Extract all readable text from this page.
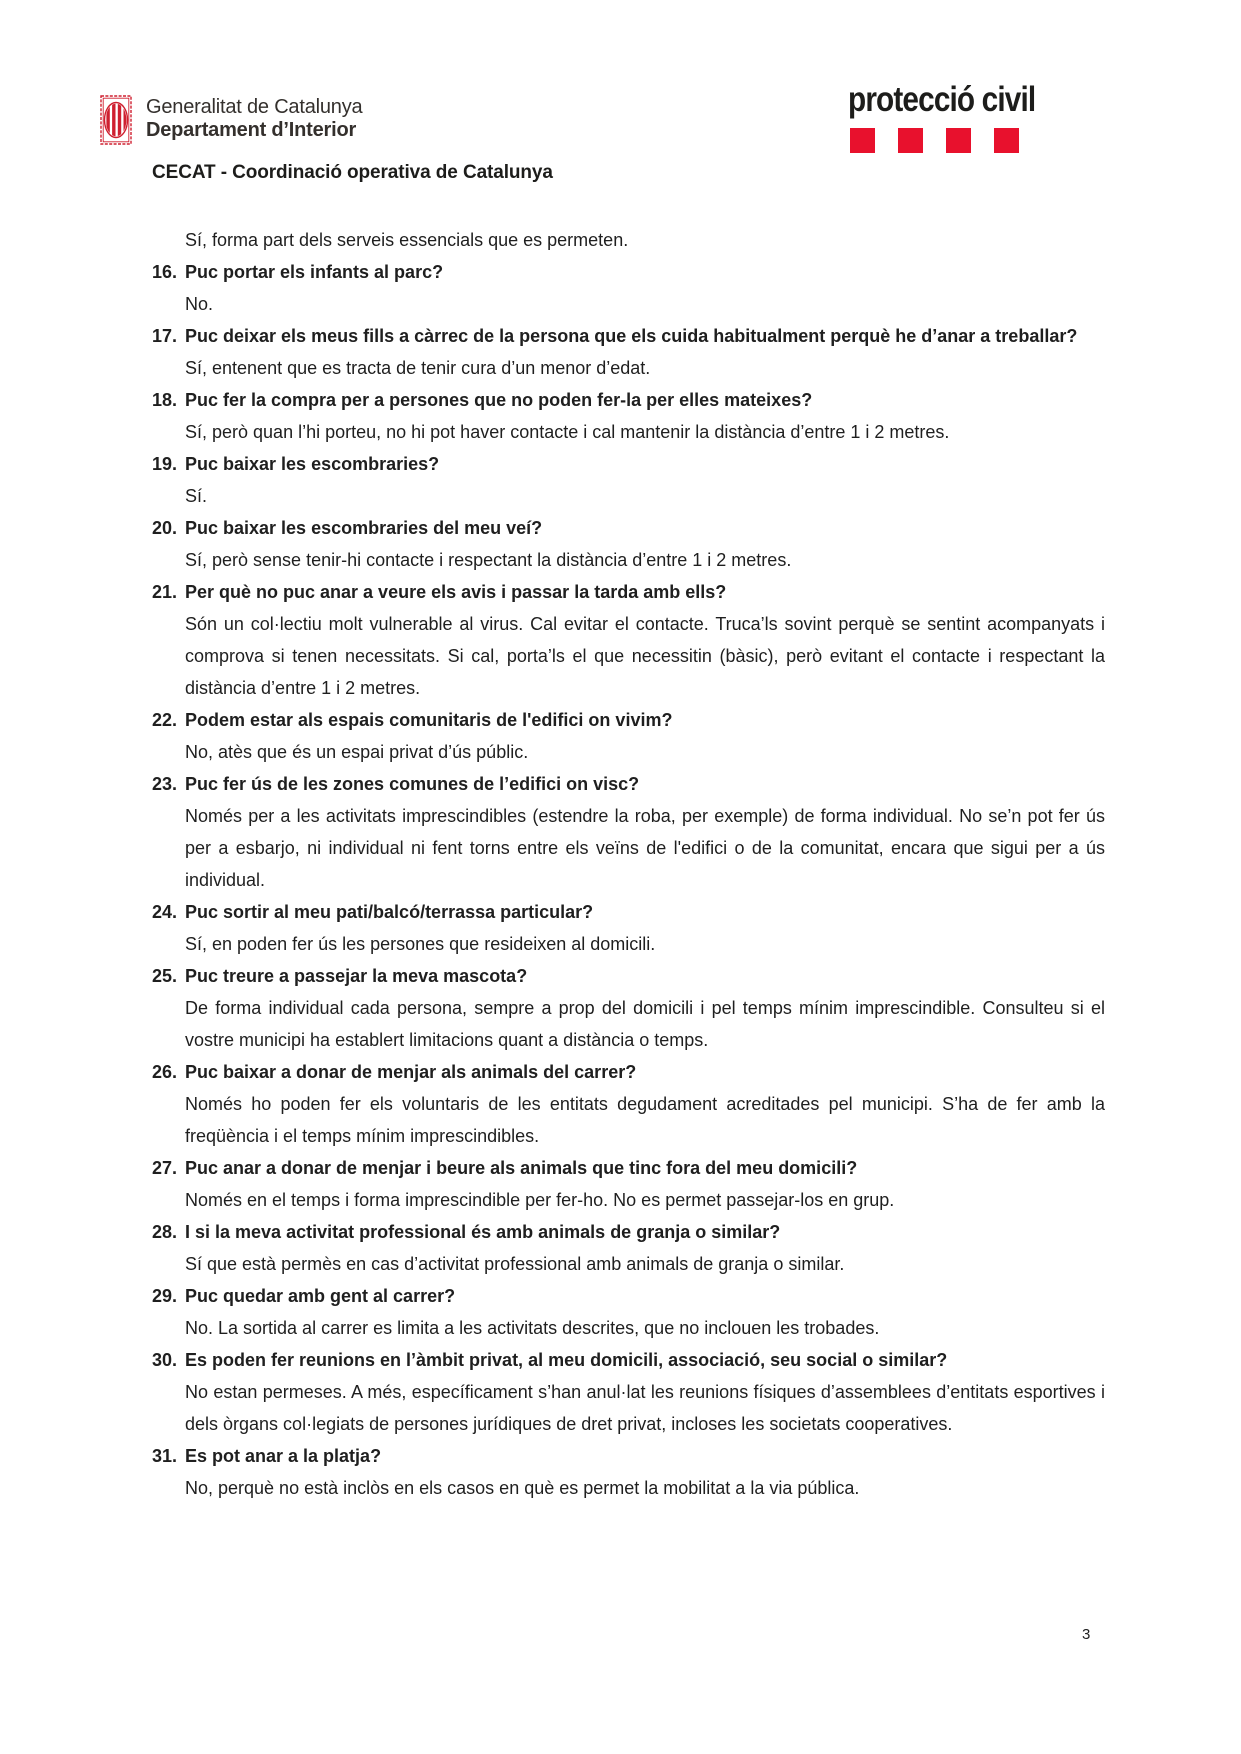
Generalitat de Catalunya
Departament d’Interior
CECAT - Coordinació operativa de Catalunya
protecció civil
Sí, forma part dels serveis essencials que es permeten.
16. Puc portar els infants al parc?
No.
17. Puc deixar els meus fills a càrrec de la persona que els cuida habitualment perquè he d’anar a treballar?
Sí, entenent que es tracta de tenir cura d’un menor d’edat.
18. Puc fer la compra per a persones que no poden fer-la per elles mateixes?
Sí, però quan l’hi porteu, no hi pot haver contacte i cal mantenir la distància d’entre 1 i 2 metres.
19. Puc baixar les escombraries?
Sí.
20. Puc baixar les escombraries del meu veí?
Sí, però sense tenir-hi contacte i respectant la distància d’entre 1 i 2 metres.
21. Per què no puc anar a veure els avis i passar la tarda amb ells?
Són un col·lectiu molt vulnerable al virus. Cal evitar el contacte. Truca’ls sovint perquè se sentint acompanyats i comprova si tenen necessitats. Si cal, porta’ls el que necessitin (bàsic), però evitant el contacte i respectant la distància d’entre 1 i 2 metres.
22. Podem estar als espais comunitaris de l'edifici on vivim?
No, atès que és un espai privat d’ús públic.
23. Puc fer ús de les zones comunes de l’edifici on visc?
Només per a les activitats imprescindibles (estendre la roba, per exemple) de forma individual. No se’n pot fer ús per a esbarjo, ni individual ni fent torns entre els veïns de l'edifici o de la comunitat, encara que sigui per a ús individual.
24. Puc sortir al meu pati/balcó/terrassa particular?
Sí, en poden fer ús les persones que resideixen al domicili.
25. Puc treure a passejar la meva mascota?
De forma individual cada persona, sempre a prop del domicili i pel temps mínim imprescindible. Consulteu si el vostre municipi ha establert limitacions quant a distància o temps.
26. Puc baixar a donar de menjar als animals del carrer?
Només ho poden fer els voluntaris de les entitats degudament acreditades pel municipi. S’ha de fer amb la freqüència i el temps mínim imprescindibles.
27. Puc anar a donar de menjar i beure als animals que tinc fora del meu domicili?
Només en el temps i forma imprescindible per fer-ho. No es permet passejar-los en grup.
28. I si la meva activitat professional és amb animals de granja o similar?
Sí que està permès en cas d’activitat professional amb animals de granja o similar.
29. Puc quedar amb gent al carrer?
No. La sortida al carrer es limita a les activitats descrites, que no inclouen les trobades.
30. Es poden fer reunions en l’àmbit privat, al meu domicili, associació, seu social o similar?
No estan permeses. A més, específicament s’han anul·lat les reunions físiques d’assemblees d’entitats esportives i dels òrgans col·legiats de persones jurídiques de dret privat, incloses les societats cooperatives.
31. Es pot anar a la platja?
No, perquè no està inclòs en els casos en què es permet la mobilitat a la via pública.
3
